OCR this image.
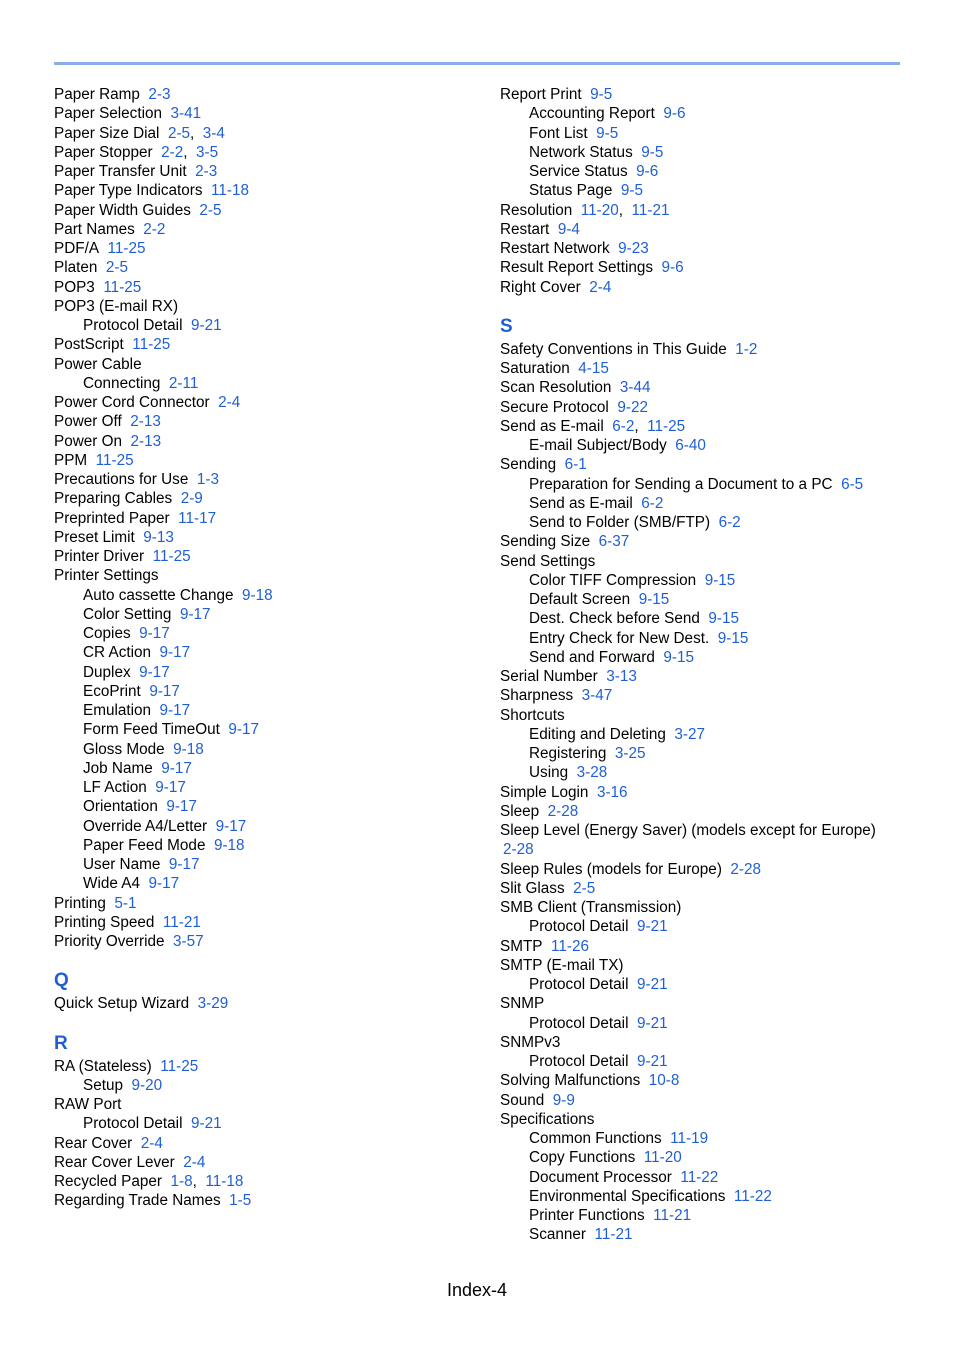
Paper Ramp 2-3
Paper Selection 3-41
Paper Size Dial 2-5,  3-4
Paper Stopper 2-2,  3-5
Paper Transfer Unit 2-3
Paper Type Indicators 11-18
Paper Width Guides 2-5
Part Names 2-2
PDF/A 11-25
Platen 2-5
POP3 11-25
POP3 (E-mail RX)
Protocol Detail 9-21
PostScript 11-25
Power Cable
Connecting 2-11
Power Cord Connector 2-4
Power Off 2-13
Power On 2-13
PPM 11-25
Precautions for Use 1-3
Preparing Cables 2-9
Preprinted Paper 11-17
Preset Limit 9-13
Printer Driver 11-25
Printer Settings
Auto cassette Change 9-18
Color Setting 9-17
Copies 9-17
CR Action 9-17
Duplex 9-17
EcoPrint 9-17
Emulation 9-17
Form Feed TimeOut 9-17
Gloss Mode 9-18
Job Name 9-17
LF Action 9-17
Orientation 9-17
Override A4/Letter 9-17
Paper Feed Mode 9-18
User Name 9-17
Wide A4 9-17
Printing 5-1
Printing Speed 11-21
Priority Override 3-57
Q
Quick Setup Wizard 3-29
R
RA (Stateless) 11-25
Setup 9-20
RAW Port
Protocol Detail 9-21
Rear Cover 2-4
Rear Cover Lever 2-4
Recycled Paper 1-8,  11-18
Regarding Trade Names 1-5
Report Print 9-5
Accounting Report 9-6
Font List 9-5
Network Status 9-5
Service Status 9-6
Status Page 9-5
Resolution 11-20,  11-21
Restart 9-4
Restart Network 9-23
Result Report Settings 9-6
Right Cover 2-4
S
Safety Conventions in This Guide 1-2
Saturation 4-15
Scan Resolution 3-44
Secure Protocol 9-22
Send as E-mail 6-2,  11-25
E-mail Subject/Body 6-40
Sending 6-1
Preparation for Sending a Document to a PC 6-5
Send as E-mail 6-2
Send to Folder (SMB/FTP) 6-2
Sending Size 6-37
Send Settings
Color TIFF Compression 9-15
Default Screen 9-15
Dest. Check before Send 9-15
Entry Check for New Dest. 9-15
Send and Forward 9-15
Serial Number 3-13
Sharpness 3-47
Shortcuts
Editing and Deleting 3-27
Registering 3-25
Using 3-28
Simple Login 3-16
Sleep 2-28
Sleep Level (Energy Saver) (models except for Europe)
2-28
Sleep Rules (models for Europe) 2-28
Slit Glass 2-5
SMB Client (Transmission)
Protocol Detail 9-21
SMTP 11-26
SMTP (E-mail TX)
Protocol Detail 9-21
SNMP
Protocol Detail 9-21
SNMPv3
Protocol Detail 9-21
Solving Malfunctions 10-8
Sound 9-9
Specifications
Common Functions 11-19
Copy Functions 11-20
Document Processor 11-22
Environmental Specifications 11-22
Printer Functions 11-21
Scanner 11-21
Index-4
